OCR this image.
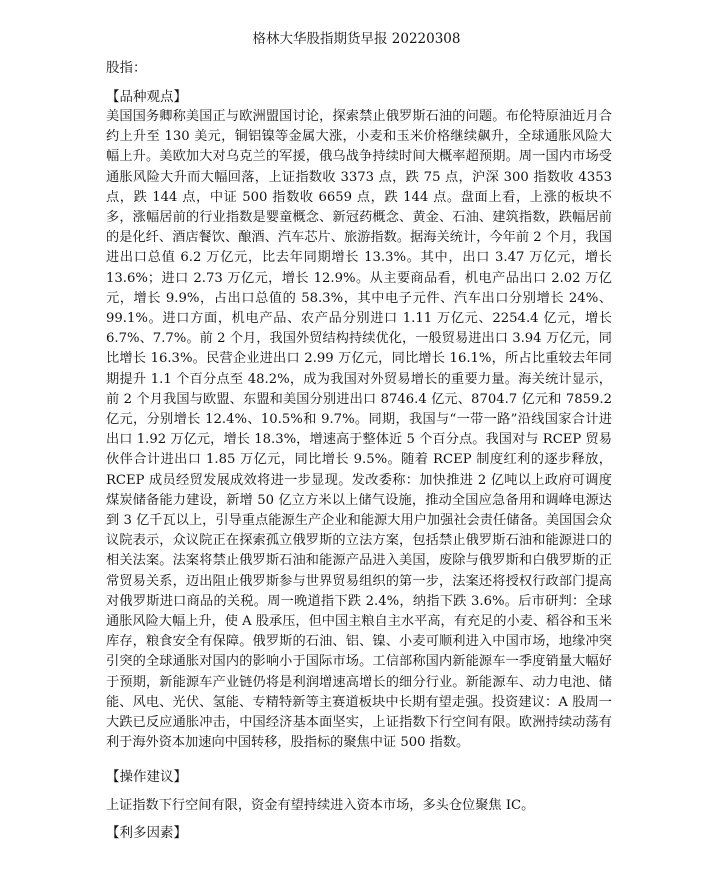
格林大华股指期货早报 20220308
股指：
【品种观点】

美国国务卿称美国正与欧洲盟国讨论，探索禁止俄罗斯石油的问题。布伦特原油近月合约上升至 130 美元，铜铝镍等金属大涨，小麦和玉米价格继续飙升，全球通胀风险大幅上升。美欧加大对乌克兰的军援，俄乌战争持续时间大概率超预期。周一国内市场受通胀风险大升而大幅回落，上证指数收 3373 点，跌 75 点，沪深 300 指数收 4353 点，跌 144 点，中证 500 指数收 6659 点，跌 144 点。盘面上看，上涨的板块不多，涨幅居前的行业指数是婴童概念、新冠药概念、黄金、石油、建筑指数，跌幅居前的是化纤、酒店餐饮、酿酒、汽车芯片、旅游指数。据海关统计，今年前 2 个月，我国进出口总值 6.2 万亿元，比去年同期增长 13.3%。其中，出口 3.47 万亿元，增长 13.6%；进口 2.73 万亿元，增长 12.9%。从主要商品看，机电产品出口 2.02 万亿元，增长 9.9%，占出口总值的 58.3%，其中电子元件、汽车出口分别增长 24%、99.1%。进口方面，机电产品、农产品分别进口 1.11 万亿元、2254.4 亿元，增长 6.7%、7.7%。前 2 个月，我国外贸结构持续优化，一般贸易进出口 3.94 万亿元，同比增长 16.3%。民营企业进出口 2.99 万亿元，同比增长 16.1%，所占比重较去年同期提升 1.1 个百分点至 48.2%，成为我国对外贸易增长的重要力量。海关统计显示，前 2 个月我国与欧盟、东盟和美国分别进出口 8746.4 亿元、8704.7 亿元和 7859.2 亿元，分别增长 12.4%、10.5%和 9.7%。同期，我国与“一带一路”沿线国家合计进出口 1.92 万亿元，增长 18.3%，增速高于整体近 5 个百分点。我国对与 RCEP 贸易伙伴合计进出口 1.85 万亿元，同比增长 9.5%。随着 RCEP 制度红利的逐步释放，RCEP 成员经贸发展成效将进一步显现。发改委称：加快推进 2 亿吨以上政府可调度煤炭储备能力建设，新增 50 亿立方米以上储气设施，推动全国应急备用和调峰电源达到 3 亿千瓦以上，引导重点能源生产企业和能源大用户加强社会责任储备。美国国会众议院表示，众议院正在探索孤立俄罗斯的立法方案，包括禁止俄罗斯石油和能源进口的相关法案。法案将禁止俄罗斯石油和能源产品进入美国，废除与俄罗斯和白俄罗斯的正常贸易关系，迈出阻止俄罗斯参与世界贸易组织的第一步，法案还将授权行政部门提高对俄罗斯进口商品的关税。周一晚道指下跌 2.4%，纳指下跌 3.6%。后市研判：全球通胀风险大幅上升，使 A 股承压，但中国主粮自主水平高，有充足的小麦、稻谷和玉米库存，粮食安全有保障。俄罗斯的石油、铝、镍、小麦可顺利进入中国市场，地缘冲突引突的全球通胀对国内的影响小于国际市场。工信部称国内新能源车一季度销量大幅好于预期，新能源车产业链仍将是利润增速高增长的细分行业。新能源车、动力电池、储能、风电、光伏、氢能、专精特新等主赛道板块中长期有望走强。投资建议：A 股周一大跌已反应通胀冲击，中国经济基本面坚实，上证指数下行空间有限。欧洲持续动荡有利于海外资本加速向中国转移，股指标的聚焦中证 500 指数。

【操作建议】

上证指数下行空间有限，资金有望持续进入资本市场，多头仓位聚焦 IC。

【利多因素】
